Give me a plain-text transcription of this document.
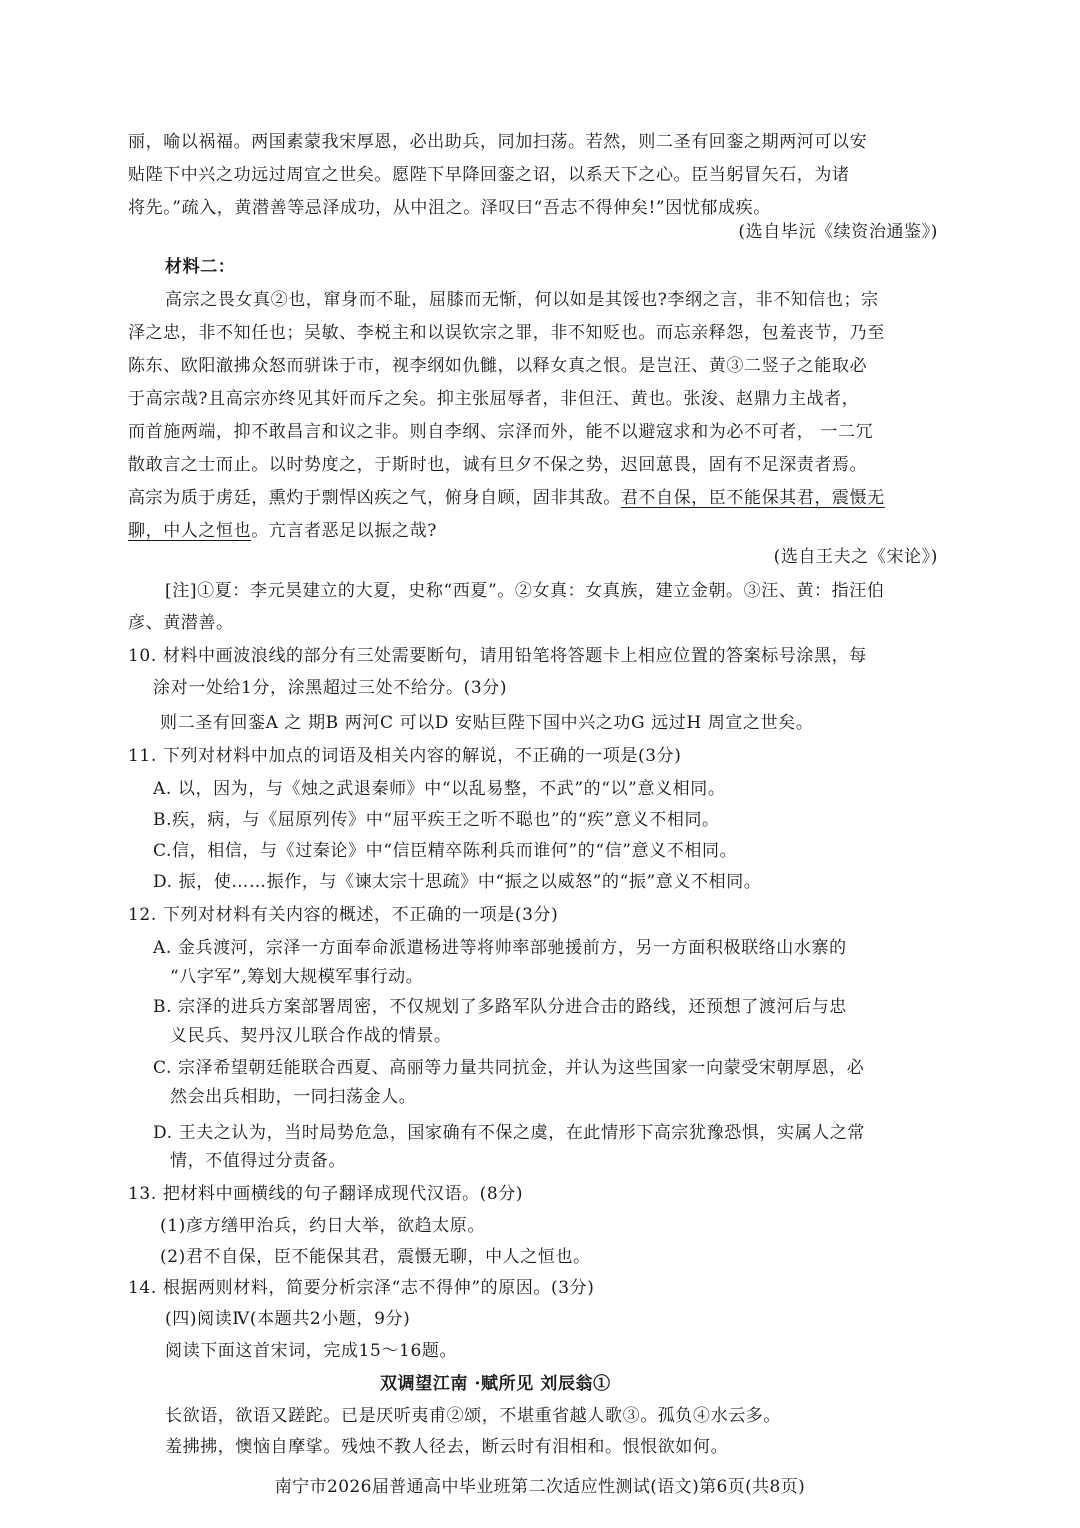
丽，喻以祸福。两国素蒙我宋厚恩，必出助兵，同加扫荡。若然，则二圣有回銮之期两河可以安
贴陛下中兴之功远过周宣之世矣。愿陛下早降回銮之诏，以系天下之心。臣当躬冒矢石，为诸
将先。”疏入，黄潜善等忌泽成功，从中沮之。泽叹曰“吾志不得伸矣!”因忧郁成疾。
(选自毕沅《续资治通鉴》)
材料二：
高宗之畏女真②也，窜身而不耻，屈膝而无惭，何以如是其馁也?李纲之言，非不知信也；宗
泽之忠，非不知任也；吴敏、李棁主和以误钦宗之罪，非不知贬也。而忘亲释怨，包羞丧节，乃至
陈东、欧阳澈拂众怒而骈诛于市，视李纲如仇雠，以释女真之恨。是岂汪、黄③二竖子之能取必
于高宗哉?且高宗亦终见其奸而斥之矣。抑主张屈辱者，非但汪、黄也。张浚、赵鼎力主战者，
而首施两端，抑不敢昌言和议之非。则自李纲、宗泽而外，能不以避寇求和为必不可者， 一二冗
散敢言之士而止。以时势度之，于斯时也，诚有旦夕不保之势，迟回葸畏，固有不足深责者焉。
高宗为质于虏廷，熏灼于剽悍凶疾之气，俯身自顾，固非其敌。君不自保，臣不能保其君，震慑无
聊，中人之恒也。亢言者恶足以振之哉?
(选自王夫之《宋论》)
[注]①夏：李元昊建立的大夏，史称“西夏”。②女真：女真族，建立金朝。③汪、黄：指汪伯
彦、黄潜善。
10. 材料中画波浪线的部分有三处需要断句，请用铅笔将答题卡上相应位置的答案标号涂黑，每
涂对一处给1分，涂黑超过三处不给分。(3分)
则二圣有回銮A 之 期B 两河C 可以D 安贴巨陛下国中兴之功G 远过H 周宣之世矣。
11. 下列对材料中加点的词语及相关内容的解说，不正确的一项是(3分)
A. 以，因为，与《烛之武退秦师》中“以乱易整，不武”的“以”意义相同。
B.疾，病，与《屈原列传》中“屈平疾王之听不聪也”的“疾”意义不相同。
C.信，相信，与《过秦论》中“信臣精卒陈利兵而谁何”的“信”意义不相同。
D. 振，使……振作，与《谏太宗十思疏》中“振之以威怒”的“振”意义不相同。
12. 下列对材料有关内容的概述，不正确的一项是(3分)
A. 金兵渡河，宗泽一方面奉命派遣杨进等将帅率部驰援前方，另一方面积极联络山水寨的
“八字军”,筹划大规模军事行动。
B. 宗泽的进兵方案部署周密，不仅规划了多路军队分进合击的路线，还预想了渡河后与忠
义民兵、契丹汉儿联合作战的情景。
C. 宗泽希望朝廷能联合西夏、高丽等力量共同抗金，并认为这些国家一向蒙受宋朝厚恩，必
然会出兵相助，一同扫荡金人。
D. 王夫之认为，当时局势危急，国家确有不保之虞，在此情形下高宗犹豫恐惧，实属人之常
情，不值得过分责备。
13. 把材料中画横线的句子翻译成现代汉语。(8分)
(1)彦方缮甲治兵，约日大举，欲趋太原。
(2)君不自保，臣不能保其君，震慑无聊，中人之恒也。
14. 根据两则材料，简要分析宗泽“志不得伸”的原因。(3分)
(四)阅读Ⅳ(本题共2小题，9分)
阅读下面这首宋词，完成15～16题。
双调望江南 ·赋所见 刘辰翁①
长欲语，欲语又蹉跎。已是厌听夷甫②颂，不堪重省越人歌③。孤负④水云多。
羞拂拂，懊恼自摩挲。残烛不教人径去，断云时有泪相和。恨恨欲如何。
南宁市2026届普通高中毕业班第二次适应性测试(语文)第6页(共8页)
